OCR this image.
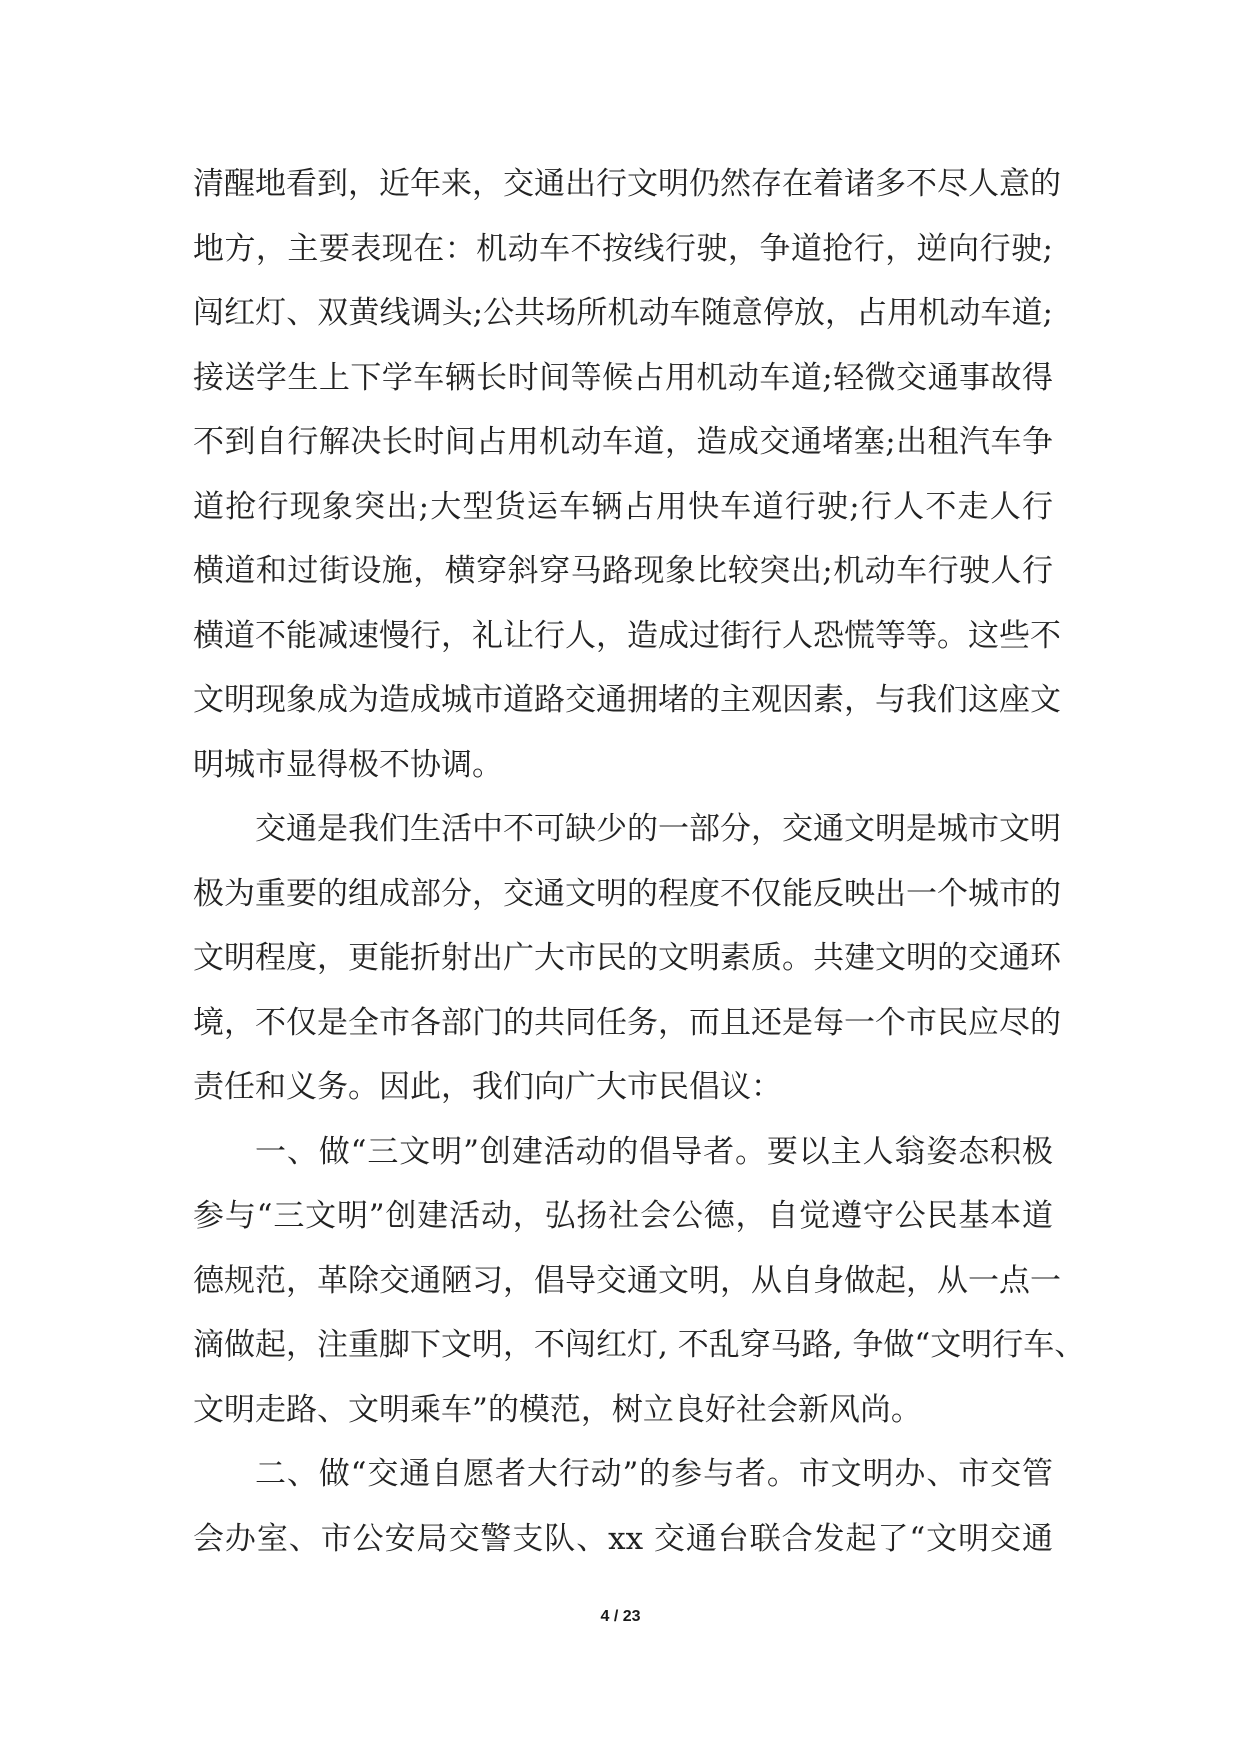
清醒地看到，近年来，交通出行文明仍然存在着诸多不尽人意的
地方，主要表现在：机动车不按线行驶，争道抢行，逆向行驶;
闯红灯、双黄线调头;公共场所机动车随意停放，占用机动车道;
接送学生上下学车辆长时间等候占用机动车道;轻微交通事故得
不到自行解决长时间占用机动车道，造成交通堵塞;出租汽车争
道抢行现象突出;大型货运车辆占用快车道行驶;行人不走人行
横道和过街设施，横穿斜穿马路现象比较突出;机动车行驶人行
横道不能减速慢行，礼让行人，造成过街行人恐慌等等。这些不
文明现象成为造成城市道路交通拥堵的主观因素，与我们这座文
明城市显得极不协调。
交通是我们生活中不可缺少的一部分，交通文明是城市文明
极为重要的组成部分，交通文明的程度不仅能反映出一个城市的
文明程度，更能折射出广大市民的文明素质。共建文明的交通环
境，不仅是全市各部门的共同任务，而且还是每一个市民应尽的
责任和义务。因此，我们向广大市民倡议：
一、做“三文明”创建活动的倡导者。要以主人翁姿态积极
参与“三文明”创建活动，弘扬社会公德，自觉遵守公民基本道
德规范，革除交通陋习，倡导交通文明，从自身做起，从一点一
滴做起，注重脚下文明，不闯红灯, 不乱穿马路, 争做“文明行车、
文明走路、文明乘车”的模范，树立良好社会新风尚。
二、做“交通自愿者大行动”的参与者。市文明办、市交管
会办室、市公安局交警支队、xx 交通台联合发起了“文明交通
4 / 23
